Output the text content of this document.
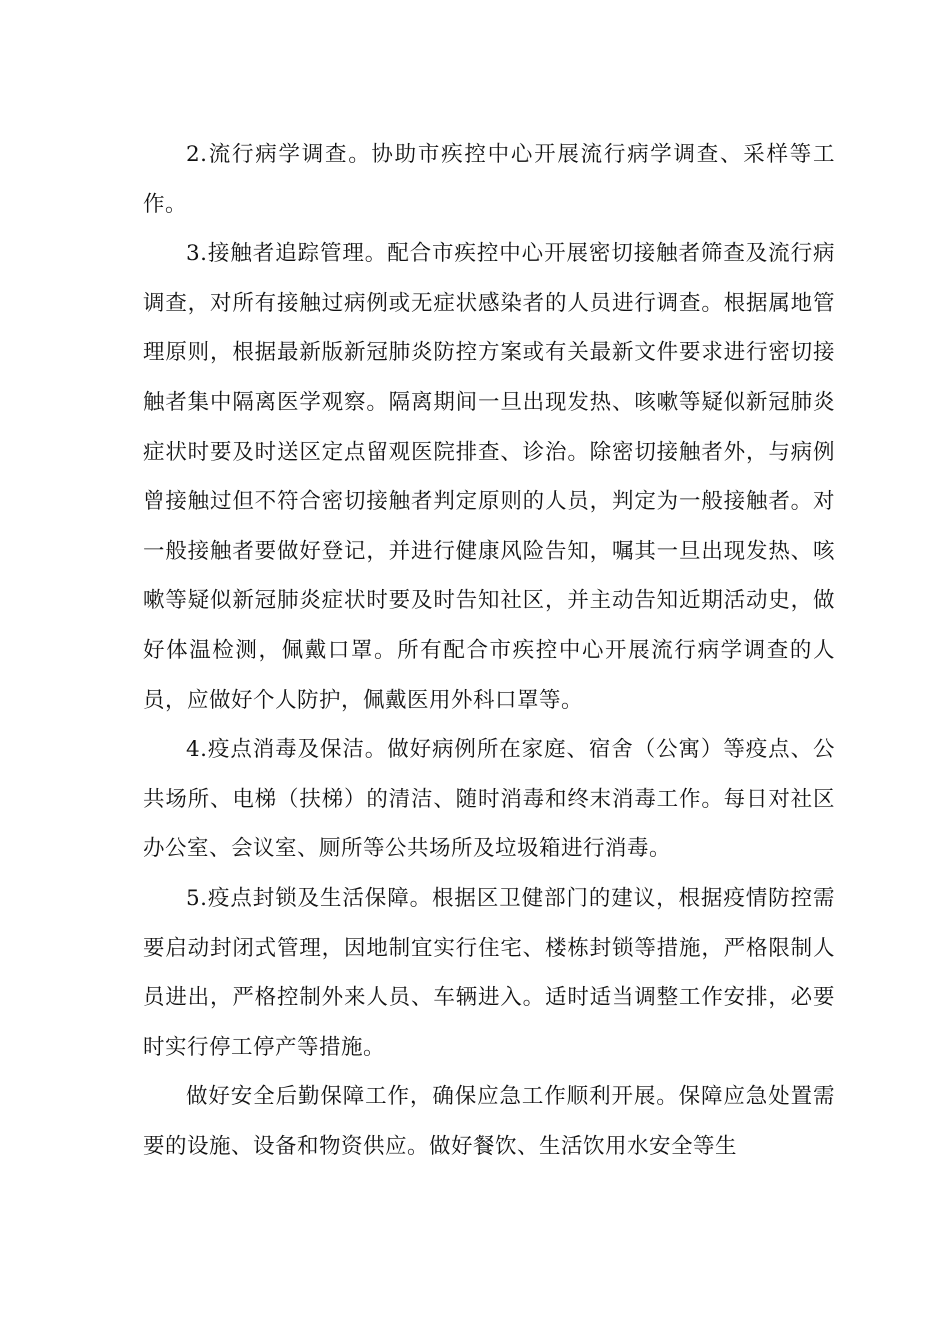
2.流行病学调查。协助市疾控中心开展流行病学调查、采样等工作。

3.接触者追踪管理。配合市疾控中心开展密切接触者筛查及流行病调查，对所有接触过病例或无症状感染者的人员进行调查。根据属地管理原则，根据最新版新冠肺炎防控方案或有关最新文件要求进行密切接触者集中隔离医学观察。隔离期间一旦出现发热、咳嗽等疑似新冠肺炎症状时要及时送区定点留观医院排查、诊治。除密切接触者外，与病例曾接触过但不符合密切接触者判定原则的人员，判定为一般接触者。对一般接触者要做好登记，并进行健康风险告知，嘱其一旦出现发热、咳嗽等疑似新冠肺炎症状时要及时告知社区，并主动告知近期活动史，做好体温检测，佩戴口罩。所有配合市疾控中心开展流行病学调查的人员，应做好个人防护，佩戴医用外科口罩等。

4.疫点消毒及保洁。做好病例所在家庭、宿舍（公寓）等疫点、公共场所、电梯（扶梯）的清洁、随时消毒和终末消毒工作。每日对社区办公室、会议室、厕所等公共场所及垃圾箱进行消毒。

5.疫点封锁及生活保障。根据区卫健部门的建议，根据疫情防控需要启动封闭式管理，因地制宜实行住宅、楼栋封锁等措施，严格限制人员进出，严格控制外来人员、车辆进入。适时适当调整工作安排，必要时实行停工停产等措施。

做好安全后勤保障工作，确保应急工作顺利开展。保障应急处置需要的设施、设备和物资供应。做好餐饮、生活饮用水安全等生
